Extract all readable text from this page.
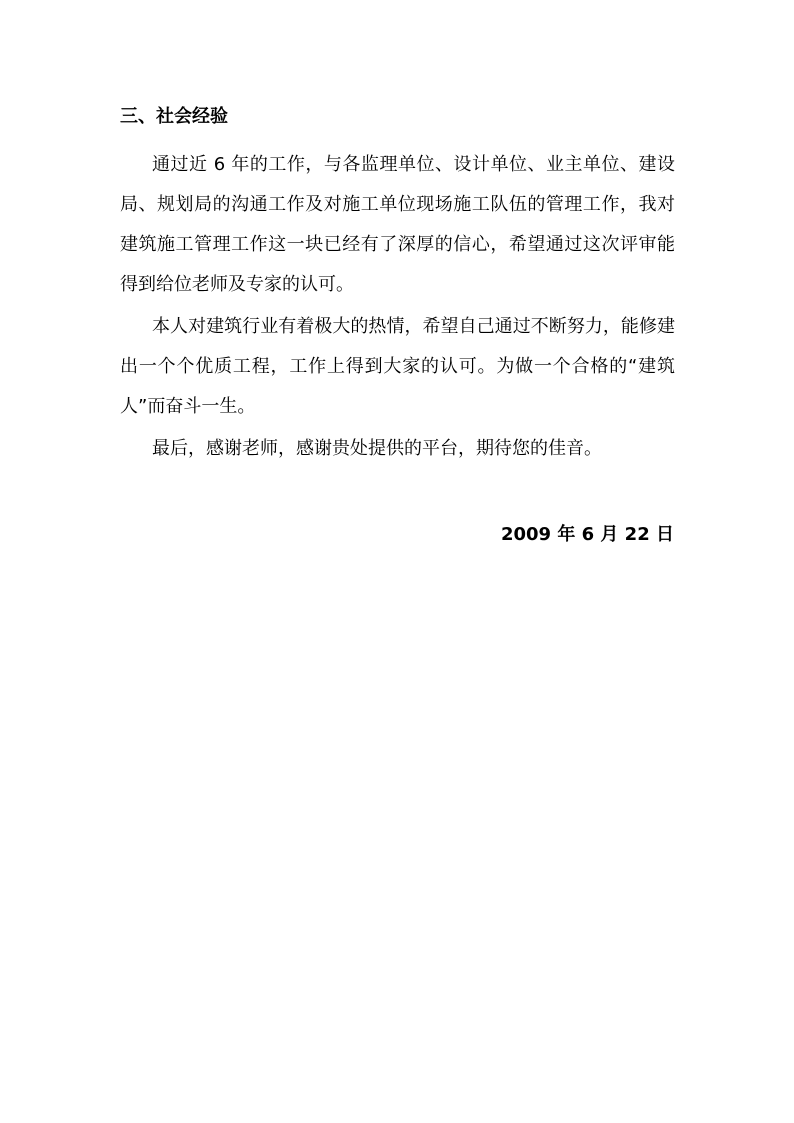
三、社会经验

通过近 6 年的工作，与各监理单位、设计单位、业主单位、建设局、规划局的沟通工作及对施工单位现场施工队伍的管理工作，我对建筑施工管理工作这一块已经有了深厚的信心，希望通过这次评审能得到给位老师及专家的认可。

本人对建筑行业有着极大的热情，希望自己通过不断努力，能修建出一个个优质工程，工作上得到大家的认可。为做一个合格的“建筑人”而奋斗一生。

最后，感谢老师，感谢贵处提供的平台，期待您的佳音。

2009 年 6 月 22 日
